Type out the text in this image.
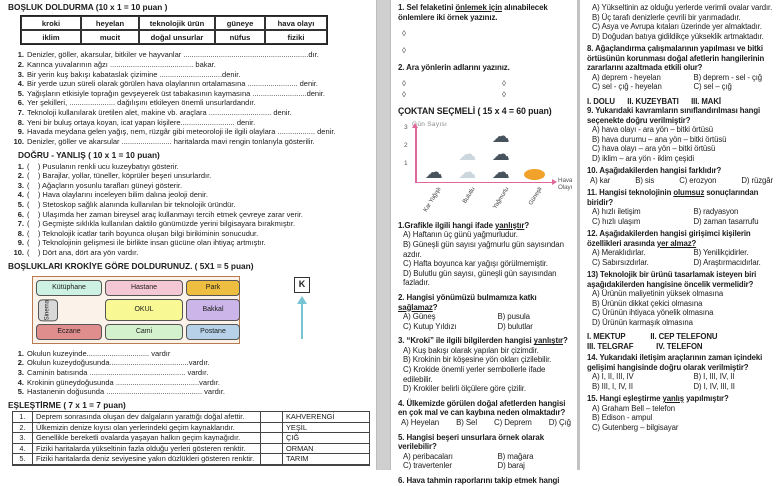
BOŞLUK DOLDURMA (10 x 1 = 10 puan )
kroki	heyelan	teknolojik ürün	güneye	hava olayı
iklim	mucit	doğal unsurlar	nüfus	fiziki
1. Denizler, göller, akarsular, bitkiler ve hayvanlar ............................................................dır.
2. Karınca yuvalarının ağzı ........................................ bakar.
3. Bir yerin kuş bakışı kabataslak çizimine ..............................denir.
4. Bir yerde uzun süreli olarak görülen hava olaylarının ortalamasına ........................ denir.
5. Yağışların etkisiyle toprağın gevşeyerek üst tabakasının kaymasına ..........................denir.
6. Yer şekilleri, ...................... dağılışını etkileyen önemli unsurlardandır.
7. Teknoloji kullanılarak üretilen alet, makine vb. araçlara .............................. denir.
8. Yeni bir buluş ortaya koyan, icat yapan kişilere.......................... denir.
9. Havada meydana gelen yağış, nem, rüzgâr gibi meteoroloji ile ilgili olaylara .................. denir.
10. Denizler, göller ve akarsular ........................ haritalarda mavi rengin tonlarıyla gösterilir.
DOĞRU - YANLIŞ ( 10 x 1 = 10 puan)
1. (    ) Pusulanın renkli ucu kuzeybatıyı gösterir.
2. (    ) Barajlar, yollar, tüneller, köprüler beşeri unsurlardır.
3. (    ) Ağaçların yosunlu tarafları güneyi gösterir.
4. (    ) Hava olaylarını inceleyen bilim dalına jeoloji denir.
5. (    ) Stetoskop sağlık alanında kullanılan bir teknolojik üründür.
6. (    ) Ulaşımda her zaman bireysel araç kullanmayı tercih etmek çevreye zarar verir.
7. (    ) Geçmişte sıklıkla kullanılan daktilo günümüzde yerini bilgisayara bırakmıştır.
8. (    ) Teknolojik icatlar tarih boyunca oluşan bilgi birikiminin sonucudur.
9. (    ) Teknolojinin gelişmesi ile birlikte insan gücüne olan ihtiyaç artmıştır.
10. (    ) Dört ana, dört ara yön vardır.
BOŞLUKLARI KROKİYE GÖRE DOLDURUNUZ. ( 5X1 = 5 puan)
Kütüphane	Hastane	Park
Sinema	OKUL	Bakkal
Eczane	Cami	Postane
K
1. Okulun kuzeyinde.............................. vardır
2. Okulun kuzeydoğusunda......................................vardır.
3. Caminin batısında .............................................. vardır.
4. Krokinin güneydoğusunda ........................................vardır.
5. Hastanenin doğusunda .............................................. vardır.
EŞLEŞTİRME ( 7 x 1 = 7 puan)
1.	Deprem sonrasında oluşan dev dalgaların yarattığı doğal afettir.	KAHVERENGİ
2.	Ülkemizin denize kıyısı olan yerlerindeki geçim kaynaklarıdır.	YEŞİL
3.	Genellikle bereketli ovalarda yaşayan halkın geçim kaynağıdır.	ÇIĞ
4.	Fiziki haritalarda yükseltinin fazla olduğu yerleri gösteren renktir.	ORMAN
5.	Fiziki haritalarda deniz seviyesine yakın düzlükleri gösteren renktir.	TARIM
1. Sel felaketini önlemek için alınabilecek önlemlere iki örnek yazınız.
◊
◊
2. Ara yönlerin adlarını yazınız.
◊	◊
◊	◊
ÇOKTAN SEÇMELİ ( 15 x 4 = 60 puan)
Gün Sayısı
3
2
1
Hava Olayı
☁
Kar Yağışlı
☁
☁
Bulutlu
☁
☁
☁
Yağmurlu	Güneşli
1.Grafikle ilgili hangi ifade yanlıştır?
A) Haftanın üç günü yağmurludur.
B) Güneşli gün sayısı yağmurlu gün sayısından azdır.
C) Hafta boyunca kar yağışı görülmemiştir.
D) Bulutlu gün sayısı, güneşli gün sayısından fazladır.
2. Hangisi yönümüzü bulmamıza katkı sağlamaz?
A) Güneş	B) pusula
C) Kutup Yıldızı	D) bulutlar
3. “Kroki” ile ilgili bilgilerden hangisi yanlıştır?
A) Kuş bakışı olarak yapılan bir çizimdir.
B) Krokinin bir köşesine yön okları çizilebilir.
C) Krokide önemli yerler sembollerle ifade edilebilir.
D) Krokiler belirli ölçülere göre çizilir.
4. Ülkemizde görülen doğal afetlerden hangisi en çok mal ve can kaybına neden olmaktadır?
A) Heyelan	B) Sel	C) Deprem	D) Çığ
5. Hangisi beşeri unsurlara örnek olarak verilebilir?
A) peribacaları	B) mağara
C) travertenler	D) baraj
6. Hava tahmin raporlarını takip etmek hangi
A) Yükseltinin az olduğu yerlerde verimli ovalar vardır.
B) Üç tarafı denizlerle çevrili bir yarımadadır.
C) Asya ve Avrupa kıtaları üzerinde yer almaktadır.
D) Doğudan batıya gidildikçe yükseklik artmaktadır.
8. Ağaçlandırma çalışmalarının yapılması ve bitki örtüsünün korunması doğal afetlerin hangilerinin zararlarını azaltmada etkili olur?
A) deprem - heyelan	B) deprem - sel - çığ
C) sel - çığ - heyelan	C) sel – çığ
I. DOLU      II. KUZEYBATI      III. MAKİ
9. Yukarıdaki kavramların sınıflandırılması hangi seçenekte doğru verilmiştir?
A) hava olayı - ara yön – bitki örtüsü
B) hava durumu – ana yön – bitki örtüsü
C) hava olayı – ara yön – bitki örtüsü
D) iklim – ara yön - iklim çeşidi
10. Aşağıdakilerden hangisi farklıdır?
A) kar	B) sis	C) erozyon	D) rüzgâr
11. Hangisi teknolojinin olumsuz sonuçlarından biridir?
A) hızlı iletişim	B) radyasyon
C) hızlı ulaşım	D) zaman tasarrufu
12. Aşağıdakilerden hangisi girişimci kişilerin özellikleri arasında yer almaz?
A) Meraklıdırlar.	B) Yenilikçidirler.
C) Sabırsızdırlar.	D) Araştırmacıdırlar.
13) Teknolojik bir ürünü tasarlamak isteyen biri aşağıdakilerden hangisine öncelik vermelidir?
A) Ürünün maliyetinin yüksek olmasına
B) Ürünün dikkat çekici olmasına
C) Ürünün ihtiyaca yönelik olmasına
D) Ürünün karmaşık olmasına
I. MEKTUP            II. CEP TELEFONU
III. TELGRAF           IV. TELEFON
14. Yukarıdaki iletişim araçlarının zaman içindeki gelişimi hangisinde doğru olarak verilmiştir?
A) I, II, III, IV	B) I, III, IV, II
B) III, I, IV, II	D) I, IV, III, II
15. Hangi eşleştirme yanlış yapılmıştır?
A) Graham Bell – telefon
B) Edison - ampul
C) Gutenberg – bilgisayar
